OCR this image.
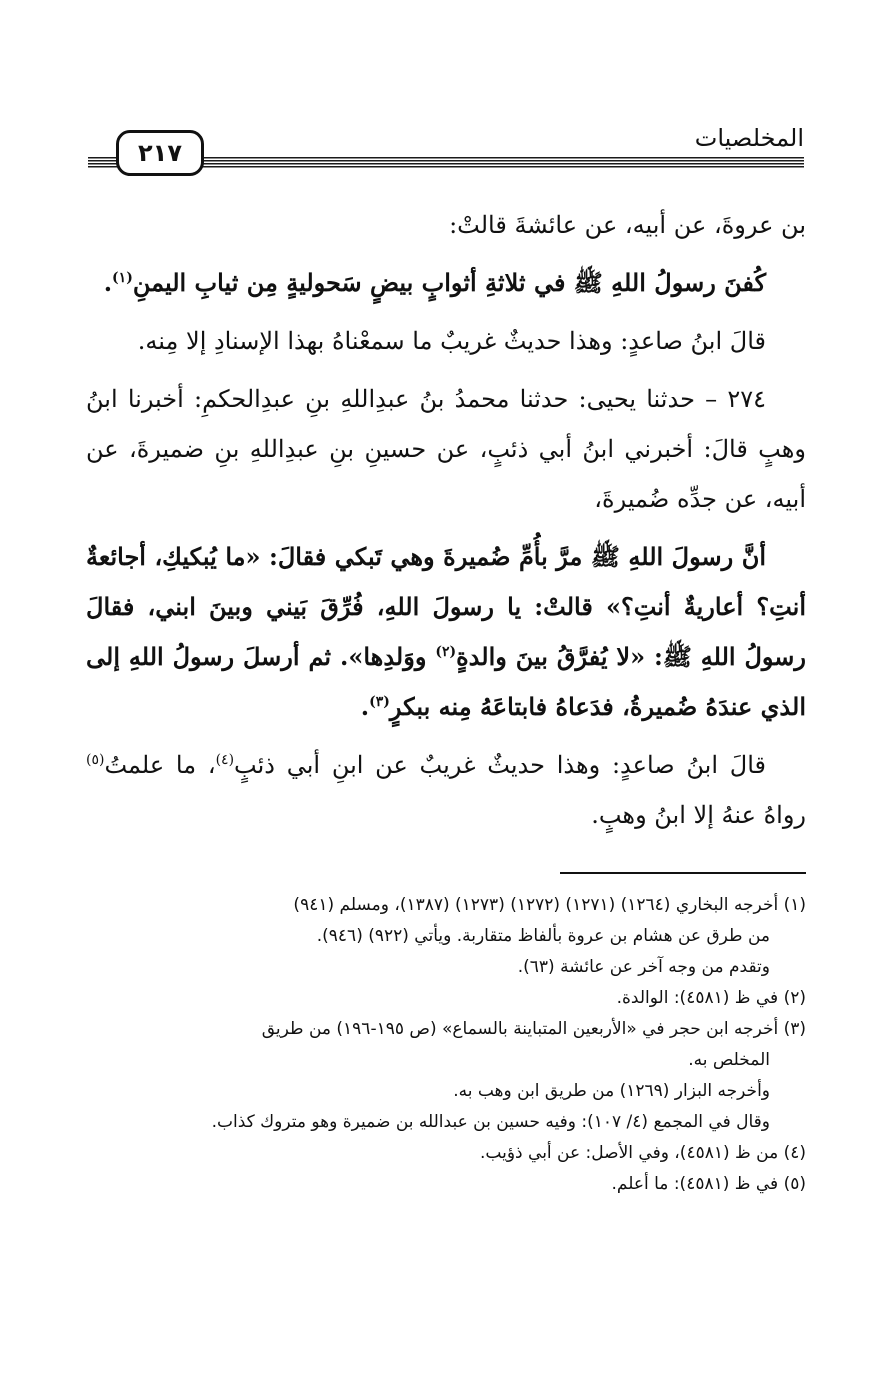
المخلصيات
٢١٧

بن عروةَ، عن أبيه، عن عائشةَ قالتْ:

كُفنَ رسولُ اللهِ ﷺ في ثلاثةِ أثوابٍ بيضٍ سَحوليةٍ مِن ثيابِ اليمنِ$^{(١)}$.

قالَ ابنُ صاعدٍ: وهذا حديثٌ غريبٌ ما سمعْناهُ بهذا الإسنادِ إلا مِنه.

٢٧٤ – حدثنا يحيى: حدثنا محمدُ بنُ عبدِاللهِ بنِ عبدِالحكمِ: أخبرنا ابنُ وهبٍ قالَ: أخبرني ابنُ أبي ذئبٍ، عن حسينِ بنِ عبدِاللهِ بنِ ضميرةَ، عن أبيه، عن جدِّه ضُميرةَ،

أنَّ رسولَ اللهِ ﷺ مرَّ بأُمِّ ضُميرةَ وهي تَبكي فقالَ: «ما يُبكيكِ، أجائعةٌ أنتِ؟ أعاريةٌ أنتِ؟» قالتْ: يا رسولَ اللهِ، فُرِّقَ بَيني وبينَ ابني، فقالَ رسولُ اللهِ ﷺ: «لا يُفرَّقُ بينَ والدةٍ$^{(٢)}$ ووَلدِها». ثم أرسلَ رسولُ اللهِ إلى الذي عندَهُ ضُميرةُ، فدَعاهُ فابتاعَهُ مِنه ببكرٍ$^{(٣)}$.

قالَ ابنُ صاعدٍ: وهذا حديثٌ غريبٌ عن ابنِ أبي ذئبٍ$^{(٤)}$، ما علمتُ$^{(٥)}$ رواهُ عنهُ إلا ابنُ وهبٍ.

(١) أخرجه البخاري (١٢٦٤) (١٢٧١) (١٢٧٢) (١٢٧٣) (١٣٨٧)، ومسلم (٩٤١)

من طرق عن هشام بن عروة بألفاظ متقاربة. ويأتي (٩٢٢) (٩٤٦).

وتقدم من وجه آخر عن عائشة (٦٣).

(٢) في ظ (٤٥٨١): الوالدة.

(٣) أخرجه ابن حجر في «الأربعين المتباينة بالسماع» (ص ١٩٥-١٩٦) من طريق

المخلص به.

وأخرجه البزار (١٢٦٩) من طريق ابن وهب به.

وقال في المجمع (٤/ ١٠٧): وفيه حسين بن عبدالله بن ضميرة وهو متروك كذاب.

(٤) من ظ (٤٥٨١)، وفي الأصل: عن أبي ذؤيب.

(٥) في ظ (٤٥٨١): ما أعلم.
